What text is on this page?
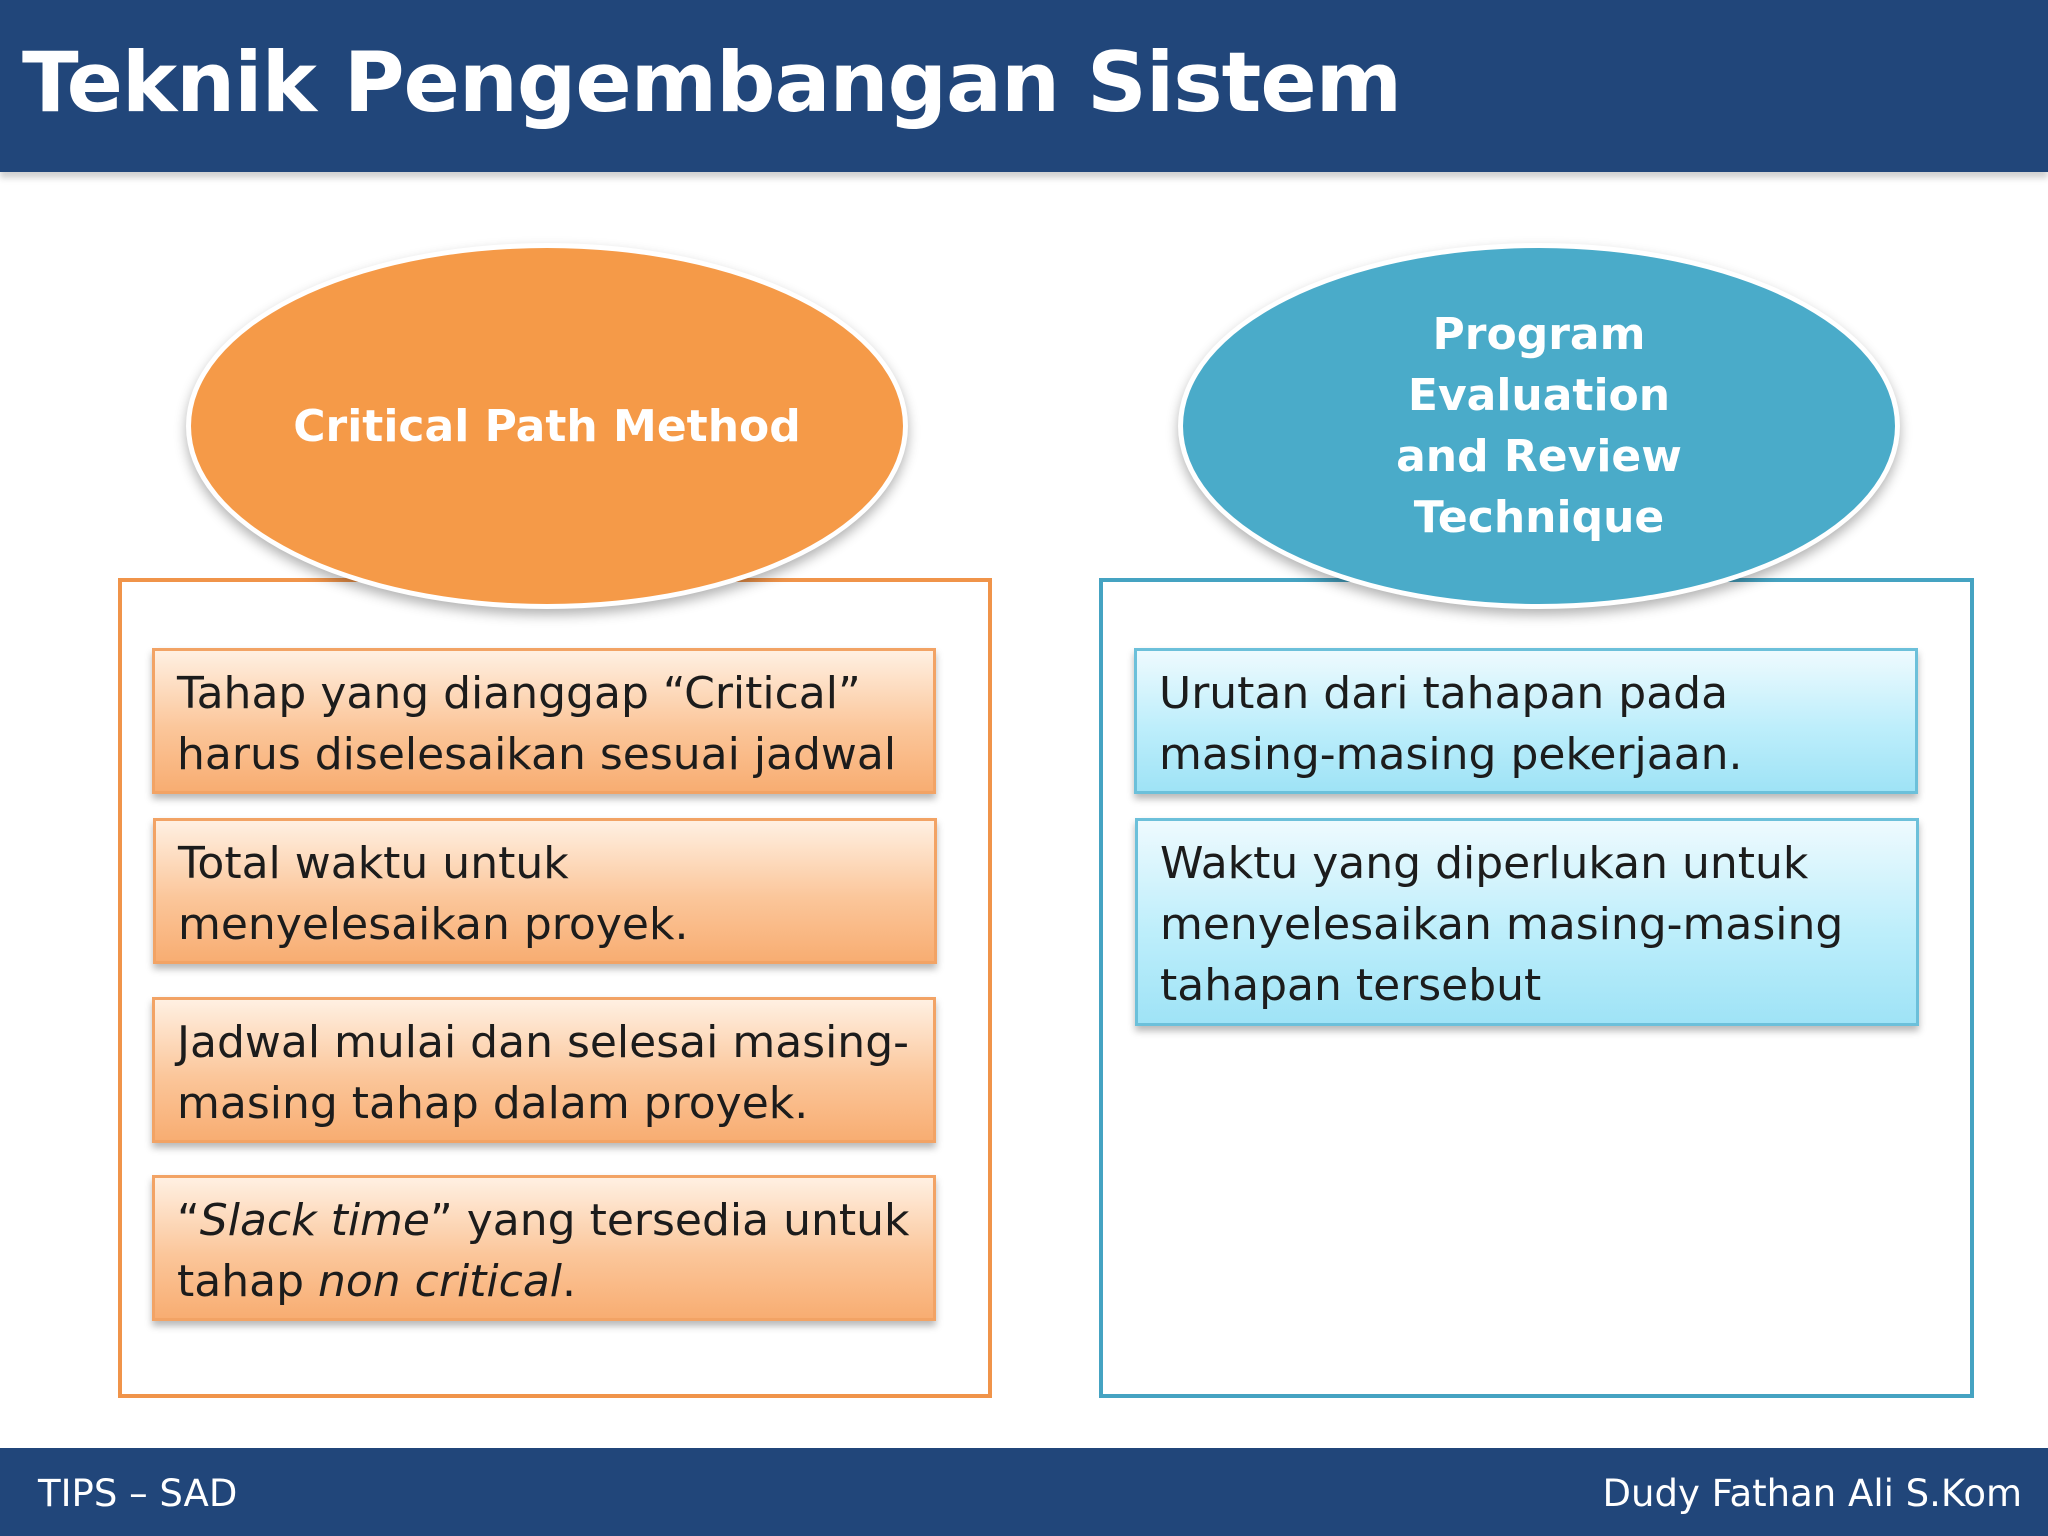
Teknik Pengembangan Sistem
Critical Path Method
Program Evaluation
and Review
Technique
Tahap yang dianggap “Critical” harus diselesaikan sesuai jadwal
Total waktu untuk menyelesaikan proyek.
Jadwal mulai dan selesai masing-masing tahap dalam proyek.
“Slack time” yang tersedia untuk tahap non critical.
Urutan dari tahapan pada masing-masing pekerjaan.
Waktu yang diperlukan untuk menyelesaikan masing-masing tahapan tersebut
TIPS – SAD	Dudy Fathan Ali S.Kom
